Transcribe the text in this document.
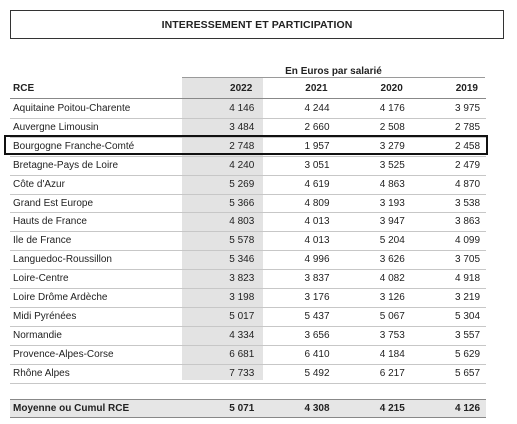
INTERESSEMENT ET PARTICIPATION
En Euros par salarié
RCE	2022	2021	2020	2019
Aquitaine Poitou-Charente	4 146	4 244	4 176	3 975
Auvergne Limousin	3 484	2 660	2 508	2 785
Bourgogne Franche-Comté	2 748	1 957	3 279	2 458
Bretagne-Pays de Loire	4 240	3 051	3 525	2 479
Côte d'Azur	5 269	4 619	4 863	4 870
Grand Est Europe	5 366	4 809	3 193	3 538
Hauts de France	4 803	4 013	3 947	3 863
Ile de France	5 578	4 013	5 204	4 099
Languedoc-Roussillon	5 346	4 996	3 626	3 705
Loire-Centre	3 823	3 837	4 082	4 918
Loire Drôme Ardèche	3 198	3 176	3 126	3 219
Midi Pyrénées	5 017	5 437	5 067	5 304
Normandie	4 334	3 656	3 753	3 557
Provence-Alpes-Corse	6 681	6 410	4 184	5 629
Rhône Alpes	7 733	5 492	6 217	5 657
Moyenne ou Cumul RCE	5 071	4 308	4 215	4 126
